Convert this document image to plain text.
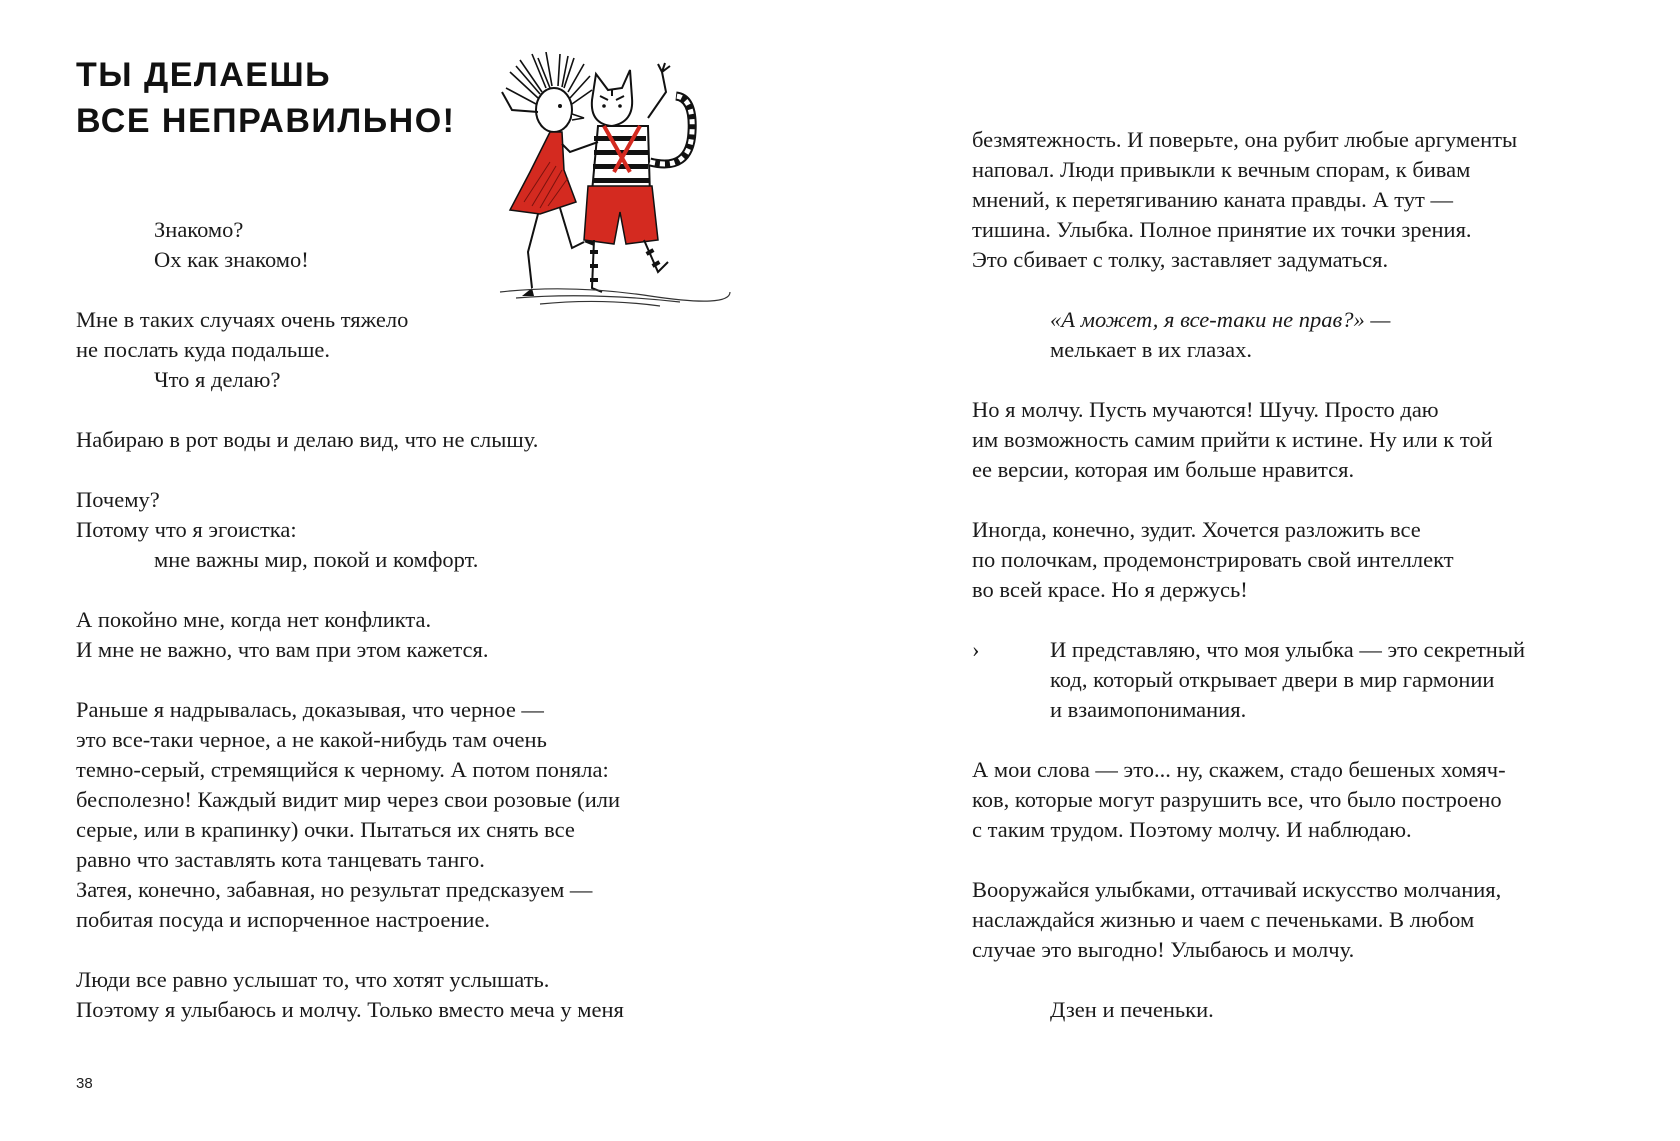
ТЫ ДЕЛАЕШЬ
ВСЕ НЕПРАВИЛЬНО!
Знакомо?
Ох как знакомо!
Мне в таких случаях очень тяжело
не послать куда подальше.
Что я делаю?
Набираю в рот воды и делаю вид, что не слышу.
Почему?
Потому что я эгоистка:
мне важны мир, покой и комфорт.
А покойно мне, когда нет конфликта.
И мне не важно, что вам при этом кажется.
Раньше я надрывалась, доказывая, что черное —
это все-таки черное, а не какой-нибудь там очень
темно-серый, стремящийся к черному. А потом поняла:
бесполезно! Каждый видит мир через свои розовые (или
серые, или в крапинку) очки. Пытаться их снять все
равно что заставлять кота танцевать танго.
Затея, конечно, забавная, но результат предсказуем —
побитая посуда и испорченное настроение.
Люди все равно услышат то, что хотят услышать.
Поэтому я улыбаюсь и молчу. Только вместо меча у меня
38
безмятежность. И поверьте, она рубит любые аргументы
наповал. Люди привыкли к вечным спорам, к бивам
мнений, к перетягиванию каната правды. А тут —
тишина. Улыбка. Полное принятие их точки зрения.
Это сбивает с толку, заставляет задуматься.
«А может, я все-таки не прав?» —
мелькает в их глазах.
Но я молчу. Пусть мучаются! Шучу. Просто даю
им возможность самим прийти к истине. Ну или к той
ее версии, которая им больше нравится.
Иногда, конечно, зудит. Хочется разложить все
по полочкам, продемонстрировать свой интеллект
во всей красе. Но я держусь!
›	И представляю, что моя улыбка — это секретный
код, который открывает двери в мир гармонии
и взаимопонимания.
А мои слова — это... ну, скажем, стадо бешеных хомяч-
ков, которые могут разрушить все, что было построено
с таким трудом. Поэтому молчу. И наблюдаю.
Вооружайся улыбками, оттачивай искусство молчания,
наслаждайся жизнью и чаем с печеньками. В любом
случае это выгодно! Улыбаюсь и молчу.
Дзен и печеньки.
